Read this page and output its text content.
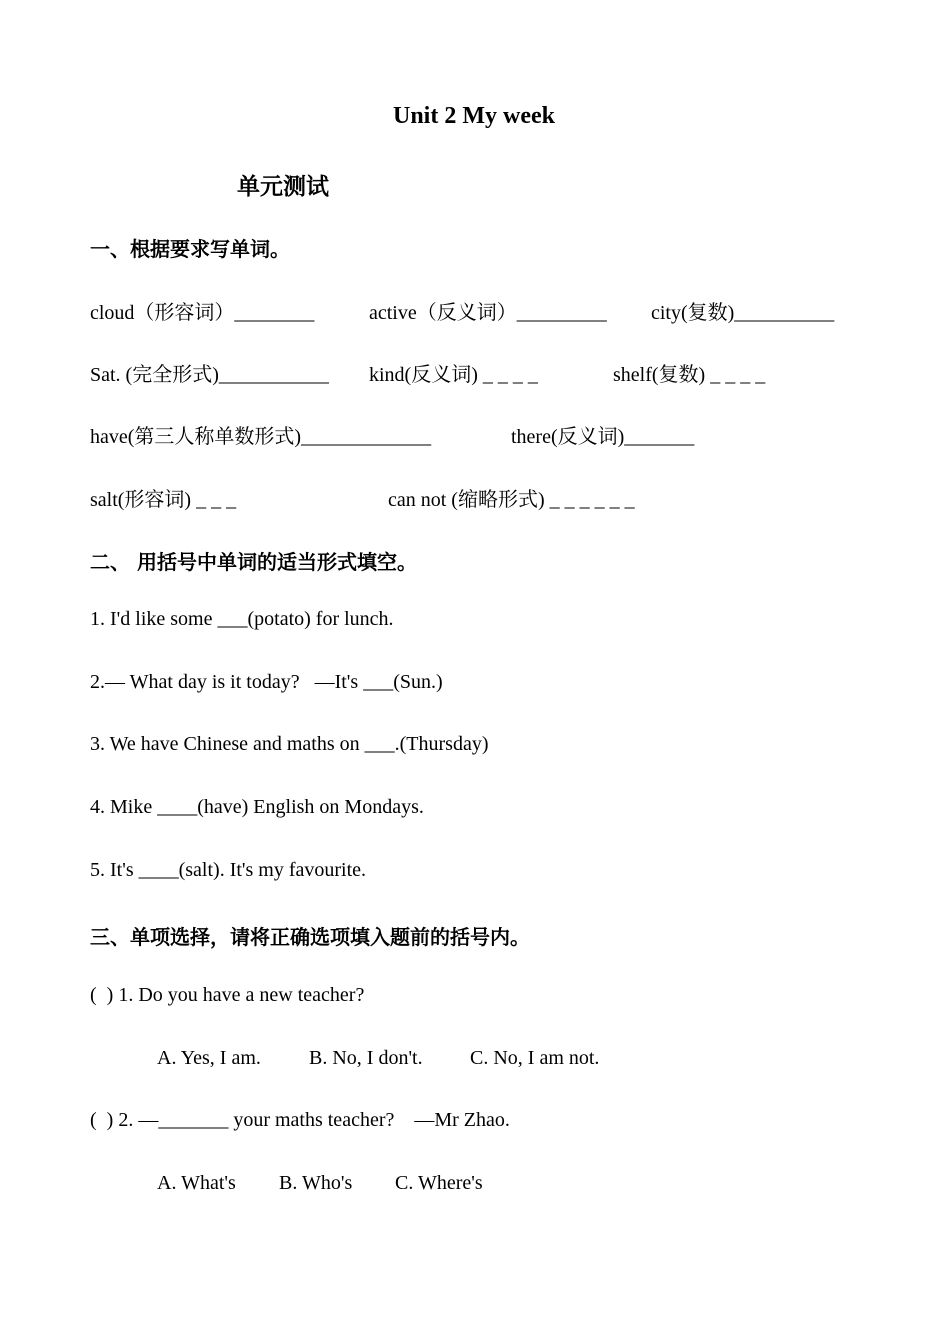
Unit 2 My week
单元测试
一、根据要求写单词。
cloud（形容词）________	active（反义词）_________ city(复数)__________
Sat. (完全形式)___________ kind(反义词) _ _ _ _	shelf(复数) _ _ _ _
have(第三人称单数形式)_____________	there(反义词)_______
salt(形容词) _ _ _	can not (缩略形式) _ _ _ _ _ _
二、 用括号中单词的适当形式填空。
1. I'd like some ___(potato) for lunch.
2.— What day is it today?   —It's ___(Sun.)
3. We have Chinese and maths on ___.(Thursday)
4. Mike ____(have) English on Mondays.
5. It's ____(salt). It's my favourite.
三、单项选择，请将正确选项填入题前的括号内。
(  ) 1. Do you have a new teacher?
A. Yes, I am. B. No, I don't. C. No, I am not.
(  ) 2. —_______ your maths teacher?    —Mr Zhao.
A. What's B. Who's C. Where's
